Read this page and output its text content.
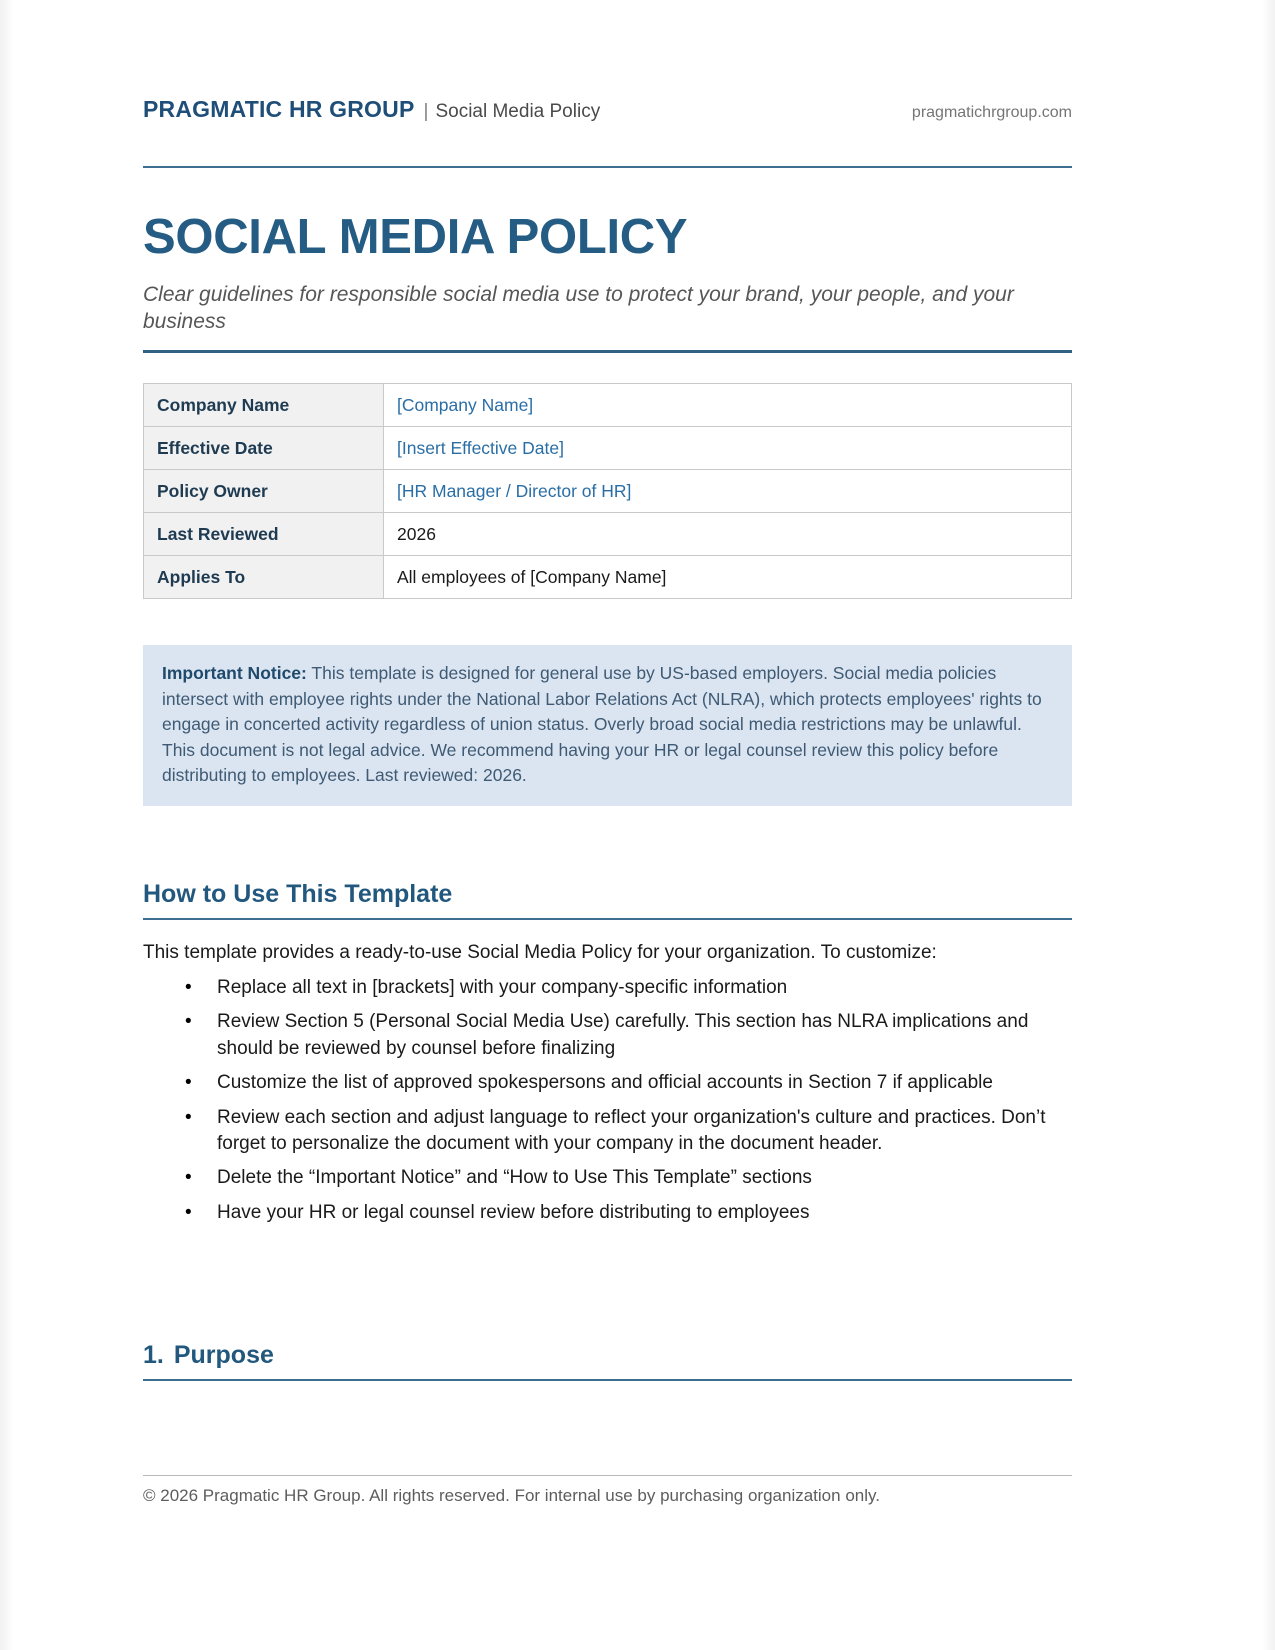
PRAGMATIC HR GROUP | Social Media Policy	pragmatichrgroup.com
SOCIAL MEDIA POLICY

Clear guidelines for responsible social media use to protect your brand, your people, and your business

Company Name	[Company Name]
Effective Date	[Insert Effective Date]
Policy Owner	[HR Manager / Director of HR]
Last Reviewed	2026
Applies To	All employees of [Company Name]
Important Notice: This template is designed for general use by US-based employers. Social media policies intersect with employee rights under the National Labor Relations Act (NLRA), which protects employees' rights to engage in concerted activity regardless of union status. Overly broad social media restrictions may be unlawful. This document is not legal advice. We recommend having your HR or legal counsel review this policy before distributing to employees. Last reviewed: 2026.
How to Use This Template

This template provides a ready-to-use Social Media Policy for your organization. To customize:

• Replace all text in [brackets] with your company-specific information
• Review Section 5 (Personal Social Media Use) carefully. This section has NLRA implications and should be reviewed by counsel before finalizing
• Customize the list of approved spokespersons and official accounts in Section 7 if applicable
• Review each section and adjust language to reflect your organization's culture and practices. Don’t forget to personalize the document with your company in the document header.
• Delete the “Important Notice” and “How to Use This Template” sections
• Have your HR or legal counsel review before distributing to employees
1. Purpose
© 2026 Pragmatic HR Group. All rights reserved. For internal use by purchasing organization only.
